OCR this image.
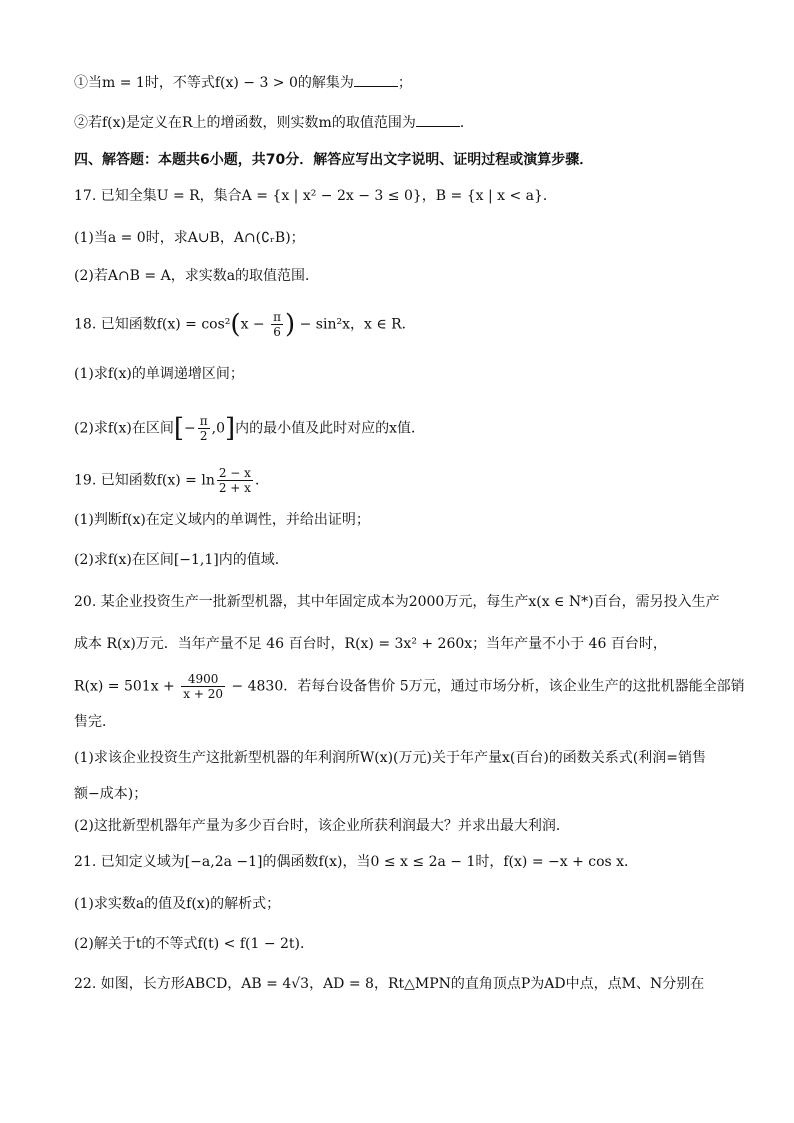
①当m = 1时，不等式f(x) − 3 > 0的解集为	；
②若f(x)是定义在R上的增函数，则实数m的取值范围为	．
四、解答题：本题共6小题，共70分．解答应写出文字说明、证明过程或演算步骤．
17. 已知全集U = R，集合A = {x | x² − 2x − 3 ≤ 0}，B = {x | x < a}．
(1)当a = 0时，求A∪B，A∩(∁ᵣB)；
(2)若A∩B = A，求实数a的取值范围．
18. 已知函数$f(x) = \cos^2(x - \frac{\pi}{6}$ ) − sin²x，x ∈ R．
(1)求f(x)的单调递增区间；
(2)求f(x)在区间[− $\frac{\pi}{2} ,0$]内的最小值及此时对应的x值．
19. 已知函数$f(x) = \ln \frac{2 - x}{2 + x}$ ．
(1)判断f(x)在定义域内的单调性，并给出证明；
(2)求f(x)在区间[−1,1]内的值域．
20. 某企业投资生产一批新型机器，其中年固定成本为2000万元，每生产x(x ∈ N*)百台，需另投入生产
成本 R(x)万元．当年产量不足 46 百台时，R(x) = 3x² + 260x；当年产量不小于 46 百台时，
$R(x) = 501x + \frac{4900}{x + 20} - 4830$．若每台设备售价 5万元，通过市场分析，该企业生产的这批机器能全部销
售完．
(1)求该企业投资生产这批新型机器的年利润所W(x)(万元)关于年产量x(百台)的函数关系式(利润=销售
额−成本)；
(2)这批新型机器年产量为多少百台时，该企业所获利润最大？并求出最大利润．
21. 已知定义域为[−a,2a −1]的偶函数f(x)，当0 ≤ x ≤ 2a − 1时，f(x) = −x + cos x．
(1)求实数a的值及f(x)的解析式；
(2)解关于t的不等式f(t) < f(1 − 2t)．
22. 如图，长方形ABCD，AB = 4√3，AD = 8，Rt△MPN的直角顶点P为AD中点，点M、N分别在
